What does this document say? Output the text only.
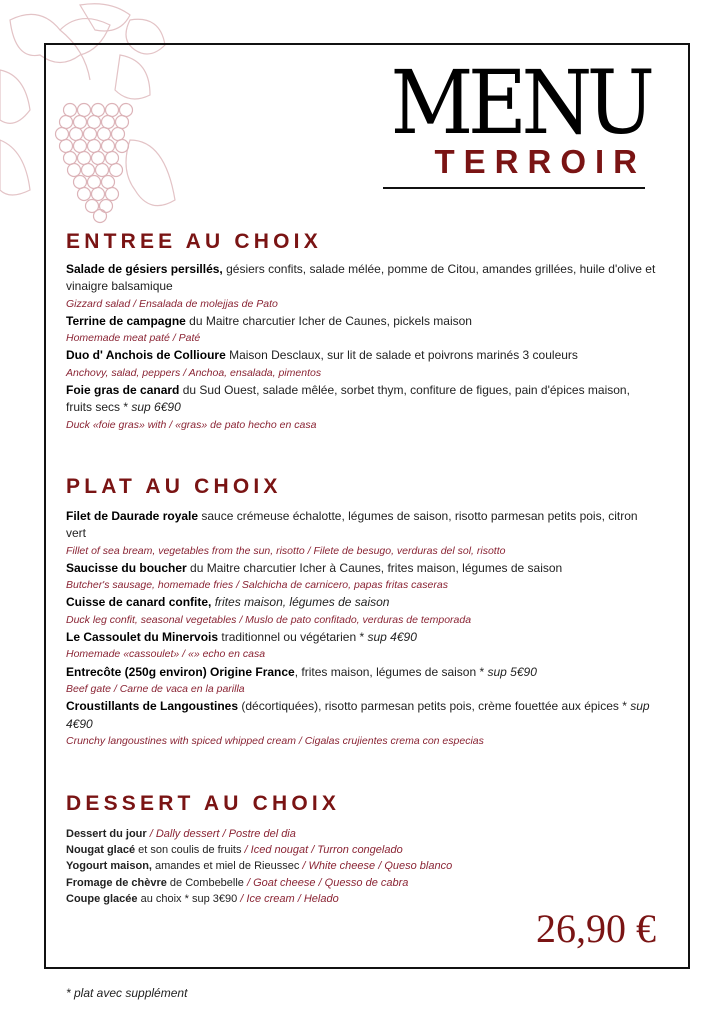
MENU
TERROIR
ENTREE AU CHOIX
Salade de gésiers persillés, gésiers confits, salade mélée, pomme de Citou, amandes grillées, huile d'olive et vinaigre balsamique
Gizzard salad / Ensalada de molejjas de Pato
Terrine de campagne du Maitre charcutier Icher de Caunes, pickels maison
Homemade meat paté / Paté
Duo d' Anchois de Collioure Maison Desclaux, sur lit de salade et poivrons marinés 3 couleurs
Anchovy, salad, peppers / Anchoa, ensalada, pimentos
Foie gras de canard du Sud Ouest, salade mêlée, sorbet thym, confiture de figues, pain d'épices maison, fruits secs * sup 6€90
Duck «foie gras» with / «gras» de pato hecho en casa
PLAT AU CHOIX
Filet de Daurade royale sauce crémeuse échalotte, légumes de saison, risotto parmesan petits pois, citron vert
Fillet of sea bream, vegetables from the sun, risotto / Filete de besugo, verduras del sol, risotto
Saucisse du boucher du Maitre charcutier Icher à Caunes, frites maison, légumes de saison
Butcher's sausage, homemade fries / Salchicha de carnicero, papas fritas caseras
Cuisse de canard confite, frites maison, légumes de saison
Duck leg confit, seasonal vegetables / Muslo de pato confitado, verduras de temporada
Le Cassoulet du Minervois traditionnel ou végétarien * sup 4€90
Homemade «cassoulet» / «» echo en casa
Entrecôte (250g environ) Origine France, frites maison, légumes de saison * sup 5€90
Beef gate / Carne de vaca en la parilla
Croustillants de Langoustines (décortiquées), risotto parmesan petits pois, crème fouettée aux épices * sup 4€90
Crunchy langoustines with spiced whipped cream / Cigalas crujientes crema con especias
DESSERT AU CHOIX
Dessert du jour / Dally dessert / Postre del dia
Nougat glacé et son coulis de fruits / Iced nougat / Turron congelado
Yogourt maison, amandes et miel de Rieussec / White cheese / Queso blanco
Fromage de chèvre de Combebelle / Goat cheese / Quesso de cabra
Coupe glacée au choix * sup 3€90 / Ice cream / Helado
26,90 €
* plat avec supplément
